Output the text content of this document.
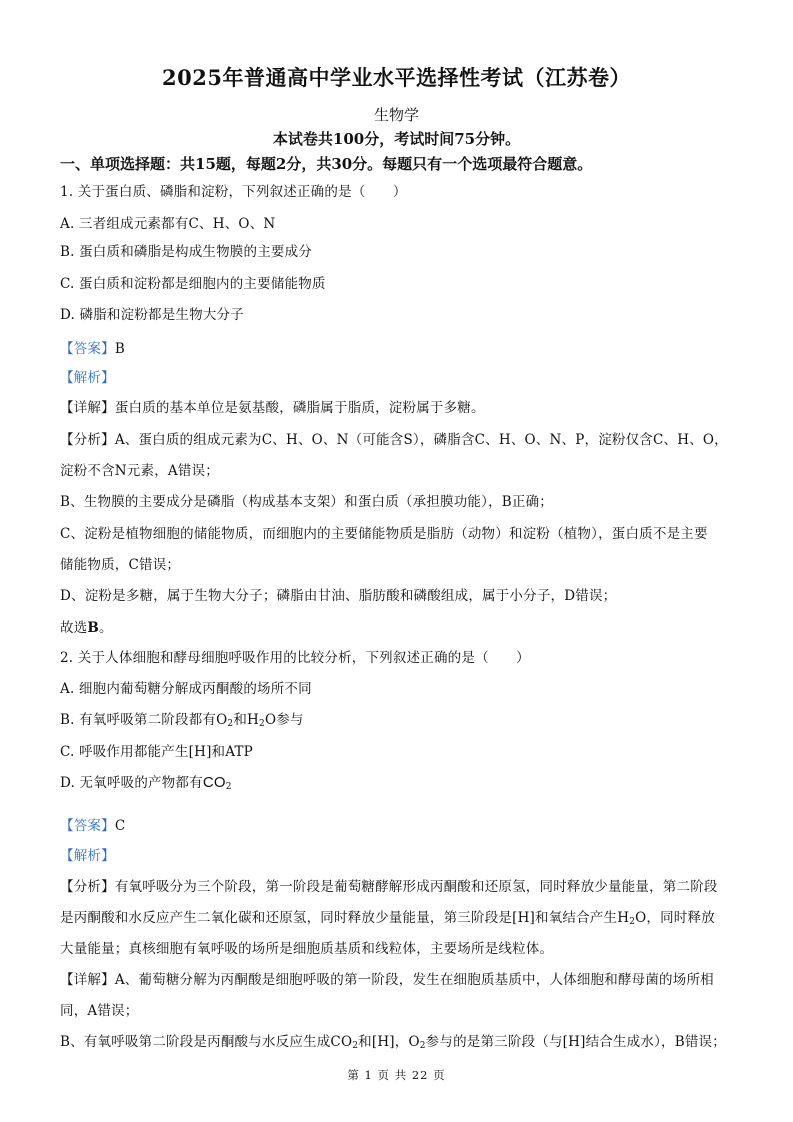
2025年普通高中学业水平选择性考试（江苏卷）
生物学
本试卷共100分，考试时间75分钟。
一、单项选择题：共15题，每题2分，共30分。每题只有一个选项最符合题意。
1. 关于蛋白质、磷脂和淀粉，下列叙述正确的是（　　）
A. 三者组成元素都有C、H、O、N
B. 蛋白质和磷脂是构成生物膜的主要成分
C. 蛋白质和淀粉都是细胞内的主要储能物质
D. 磷脂和淀粉都是生物大分子
【答案】B
【解析】
【详解】蛋白质的基本单位是氨基酸，磷脂属于脂质，淀粉属于多糖。
【分析】A、蛋白质的组成元素为C、H、O、N（可能含S），磷脂含C、H、O、N、P，淀粉仅含C、H、O，
淀粉不含N元素，A错误；
B、生物膜的主要成分是磷脂（构成基本支架）和蛋白质（承担膜功能），B正确；
C、淀粉是植物细胞的储能物质，而细胞内的主要储能物质是脂肪（动物）和淀粉（植物），蛋白质不是主要
储能物质，C错误；
D、淀粉是多糖，属于生物大分子；磷脂由甘油、脂肪酸和磷酸组成，属于小分子，D错误；
故选B。
2. 关于人体细胞和酵母细胞呼吸作用的比较分析，下列叙述正确的是（　　）
A. 细胞内葡萄糖分解成丙酮酸的场所不同
B. 有氧呼吸第二阶段都有$O_2$和$H_2O$参与
C. 呼吸作用都能产生[H]和ATP
D. 无氧呼吸的产物都有$CO_2$
【答案】C
【解析】
【分析】有氧呼吸分为三个阶段，第一阶段是葡萄糖酵解形成丙酮酸和还原氢，同时释放少量能量，第二阶段
是丙酮酸和水反应产生二氧化碳和还原氢，同时释放少量能量，第三阶段是[H]和氧结合产生$H_2O$，同时释放
大量能量；真核细胞有氧呼吸的场所是细胞质基质和线粒体，主要场所是线粒体。
【详解】A、葡萄糖分解为丙酮酸是细胞呼吸的第一阶段，发生在细胞质基质中，人体细胞和酵母菌的场所相
同，A错误；
B、有氧呼吸第二阶段是丙酮酸与水反应生成$CO_2$和[H]，$O_2$参与的是第三阶段（与[H]结合生成水），B错误；
第 1 页 共 22 页
